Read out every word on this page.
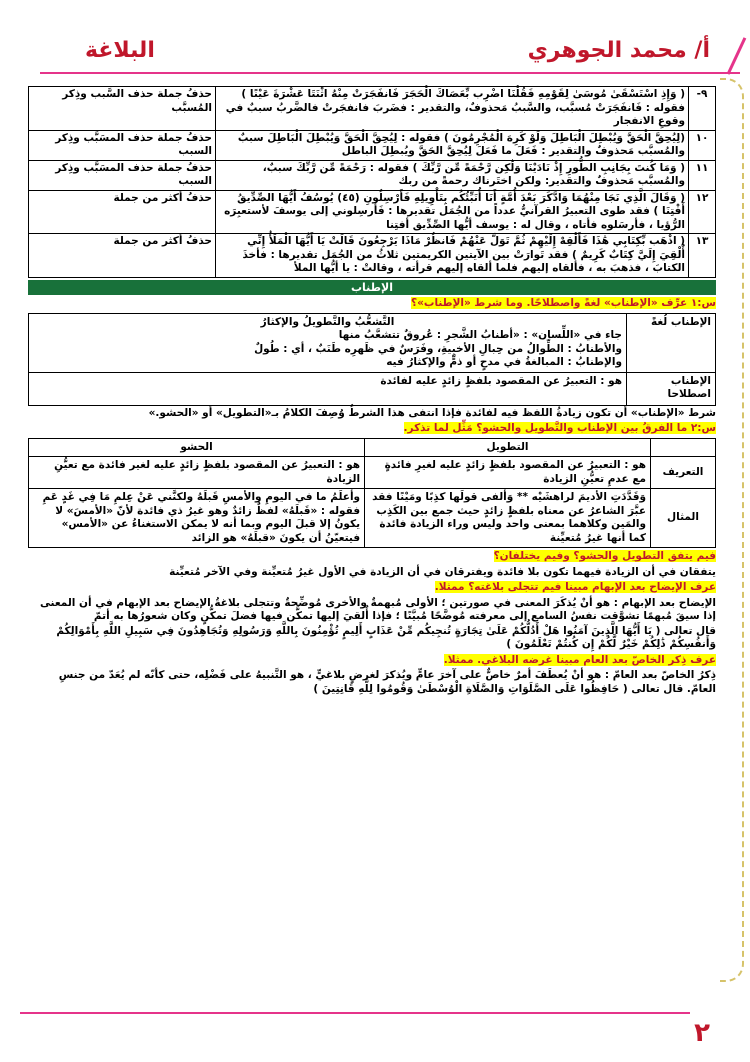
أ/ محمد الجوهري
البلاغة
٩-	( وَإِذِ اسْتَسْقَىٰ مُوسَىٰ لِقَوْمِهِ فَقُلْنَا اضْرِب بِّعَصَاكَ الْحَجَرَ فَانفَجَرَتْ مِنْهُ اثْنَتَا عَشْرَةَ عَيْنًا ) فقوله : فَانفَجَرَتْ مُسبَّب، والسَّببُ مَحذوفٌ، والتقدير : فضَربَ فانفجَرتْ فالضَّربُ سببٌ في وقوعِ الانفجار	حذفُ جملة حذف السَّبب وذِكر المُسبَّب
١٠	(لِيُحِقَّ الْحَقَّ وَيُبْطِلَ الْبَاطِلَ وَلَوْ كَرِهَ الْمُجْرِمُونَ ) فقوله : لِيُحِقَّ الْحَقَّ وَيُبْطِلَ الْبَاطِلَ سببٌ والمُسبَّب مَحذوفٌ والتقدير : فَعَلَ ما فَعَلَ لِيُحِقَّ الحَقَّ ويُبطِلَ الباطل	حذفُ جملة حذف المسَبَّب وذِكر السبب
١١	( وَمَا كُنتَ بِجَانِبِ الطُّورِ إِذْ نَادَيْنَا وَلَٰكِن رَّحْمَةً مِّن رَّبِّكَ ) فقوله : رَحْمَةً مِّن رَّبِّكَ سببٌ، والمُسبَّب مَحذوفٌ والتقدير: ولكن اختَرناك رحمةً من ربك	حذفُ جملة حذف المسَبَّب وذِكر السبب
١٢	( وَقَالَ الَّذِي نَجَا مِنْهُمَا وَادَّكَرَ بَعْدَ أُمَّةٍ أَنَا أُنَبِّئُكُم بِتَأْوِيلِهِ فَأَرْسِلُونِ (٤٥) يُوسُفُ أَيُّهَا الصِّدِّيقُ أَفْتِنَا ) فقد طوى التعبيرُ القرآنيُّ عدداً من الجُمَل تقديرها : فَأرسِلوني إلى يوسفَ لأستعبِرَه الرُّؤيا ، فأرسَلوه فأتاه ، وقال له : يوسف أيُّها الصِّدِّيق أفتِنا	حذفُ أكثر من جملة
١٣	( اذْهَب بِّكِتَابِي هَٰذَا فَأَلْقِهْ إِلَيْهِمْ ثُمَّ تَوَلَّ عَنْهُمْ فَانظُرْ مَاذَا يَرْجِعُونَ قَالَتْ يَا أَيُّهَا الْمَلَأُ إِنِّي أُلْقِيَ إِلَيَّ كِتَابٌ كَرِيمٌ ) فقد تَوارَتْ بين الآيتين الكريمتين ثلاثُ من الجُمَل تقديرها : فأخذَ الكتابَ ، فذهبَ به ، فألقاه إليهم فلما ألقاه إليهم قرأته ، وقالتْ : يا أيُّها الملأ	حذفُ أكثر من جملة
الإطناب
س:١ عرِّف «الإطناب» لغةً واصطلاحًا. وما شرط «الإطناب»؟
الإطناب لُغةً	التَّشعُّبُ والتَّطويلُ والإكثارُ
جاء في «اللِّسان» : «أطنابُ الشَّجرِ : عُروقٌ تتشعَّبُ منها
والأطنابُ : الطِّوالُ من حِبالِ الأخبِيةِ، وفَرَسٌ في ظَهرِه طَنَبٌ ، أي : طُولٌ
والإطنابُ : المبالغةُ في مدحٍ أو ذمٍّ والإكثارُ فيه

الإطناب اصطلاحا	هو : التعبيرُ عن المقصود بلفظٍ زائدٍ عليه لفائدة
شرط «الإطناب» أن تكون زيادةُ اللفظ فيه لفائدة فإذا انتفى هذا الشرطُ وُصِفَ الكلامُ بـ«التطويل» أو «الحشو.»
س:٢ ما الفرقُ بين الإطناب والتَّطويل والحشو؟ مَثِّل لما تذكر.
	التطويل	الحشو
التعريف	هو : التعبيرُ عن المقصود بلفظٍ زائدٍ عليه لغيرِ فائدةٍ مع عدمِ تعيُّنِ الزيادة	هو : التعبيرُ عن المقصود بلفظٍ زائدٍ عليه لغير فائدة مع تعيُّنِ الزيادة
المثال	وَقَدَّدَتِ الأديمَ لراهشَيْه ** وَألفى قولَها كذِبًا ومَيْنًا فقد عبَّرَ الشاعرُ عن معناه بلفظٍ زائدٍ حيث جمع بين الكَذِب والمَين وكلاهما بمعنى واحد وليس وراء الزيادة فائدة كما أنها غيرُ مُتعيِّنة	وأعلَمُ ما في اليومِ والأمسِ قَبلَهُ ولكنَّني عَنْ عِلمِ مَا فِي غَدٍ عَمِ فقوله : «قَبلَهُ» لفظٌ زائدٌ وهو غيرُ ذي فائدة لأنّ «الأمسَ» لا يكونُ إلا قبلَ اليوم وبما أنه لا يمكن الاستغناءُ عن «الأمس» فيتعيّنُ أن يكونَ «قبلَهُ» هو الزائد
فيم يتفق التطويل والحشو؟ وفيم يختلفان؟
يتفقان في أن الزيادة فيهما تكون بلا فائدة ويفترقان في أن الزيادة في الأول غيرُ مُتعيِّنة وفي الآخر مُتعيِّنة
عرف الإيضاح بعد الإبهام مبينا فيم تتجلى بلاغته؟ ممثلا.
الإيضاح بعد الإبهام : هو أنْ يُذكَرَ المعنى في صورتين ؛ الأولى مُبهمةٌ والأخرى مُوضِّحةٌ وتتجلى بلاغةُ الإيضاح بعد الإبهام في أن المعنى إذا سيقَ مُبهمًا تشوَّقت نفسُ السامع إلى معرفته مُوضَّحًا مُبيَّنًا ؛ فإذا أُلقيَ إليها تمكَّن فيها فضلَ تمكُّنٍ وكان شعورُها به أتمّ
قال تعالى ( يَا أَيُّهَا الَّذِينَ آمَنُوا هَلْ أَدُلُّكُمْ عَلَىٰ تِجَارَةٍ تُنجِيكُم مِّنْ عَذَابٍ أَلِيمٍ تُؤْمِنُونَ بِاللَّهِ وَرَسُولِهِ وَتُجَاهِدُونَ فِي سَبِيلِ اللَّهِ بِأَمْوَالِكُمْ وَأَنفُسِكُمْ ذَٰلِكُمْ خَيْرٌ لَّكُمْ إِن كُنتُمْ تَعْلَمُونَ )
عرف ذِكر الخاصّ بعد العام مبينا غرضه البلاغي. ممثلا.
ذِكرُ الخاصّ بعد العامّ : هو أنْ يُعطَفَ أمرٌ خاصٌّ على آخرَ عامٍّ ويُذكرَ لغرضٍ بلاغيٍّ ، هو التَّنبيهُ على فَضْلِه، حتى كأنّه لم يُعَدّ من جنسِ العامّ. قال تعالى ( حَافِظُوا عَلَى الصَّلَوَاتِ وَالصَّلَاةِ الْوُسْطَىٰ وَقُومُوا لِلَّهِ قَانِتِينَ )
٢
